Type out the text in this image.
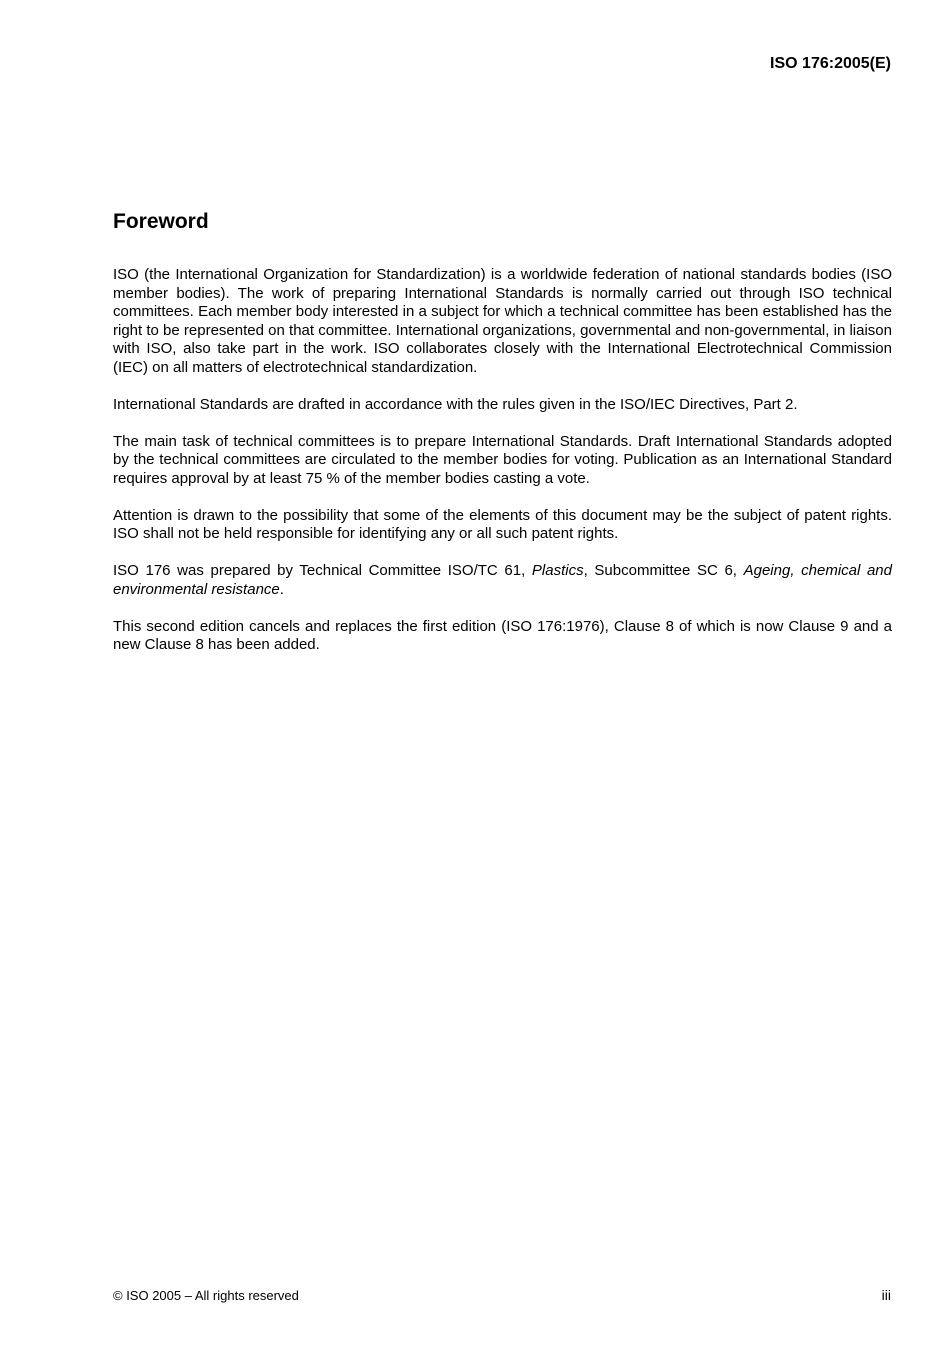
ISO 176:2005(E)
Foreword

ISO (the International Organization for Standardization) is a worldwide federation of national standards bodies (ISO member bodies). The work of preparing International Standards is normally carried out through ISO technical committees. Each member body interested in a subject for which a technical committee has been established has the right to be represented on that committee. International organizations, governmental and non-governmental, in liaison with ISO, also take part in the work. ISO collaborates closely with the International Electrotechnical Commission (IEC) on all matters of electrotechnical standardization.

International Standards are drafted in accordance with the rules given in the ISO/IEC Directives, Part 2.

The main task of technical committees is to prepare International Standards. Draft International Standards adopted by the technical committees are circulated to the member bodies for voting. Publication as an International Standard requires approval by at least 75 % of the member bodies casting a vote.

Attention is drawn to the possibility that some of the elements of this document may be the subject of patent rights. ISO shall not be held responsible for identifying any or all such patent rights.

ISO 176 was prepared by Technical Committee ISO/TC 61, Plastics, Subcommittee SC 6, Ageing, chemical and environmental resistance.

This second edition cancels and replaces the first edition (ISO 176:1976), Clause 8 of which is now Clause 9 and a new Clause 8 has been added.

© ISO 2005 – All rights reserved	iii
